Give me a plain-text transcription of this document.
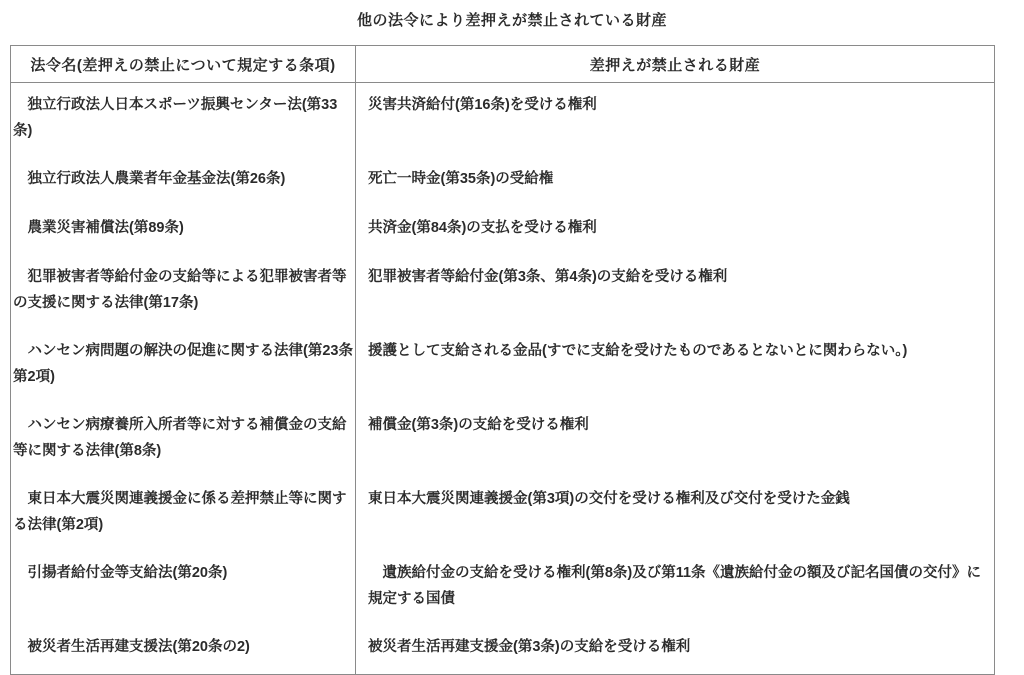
他の法令により差押えが禁止されている財産
法令名(差押えの禁止について規定する条項)	差押えが禁止される財産
　独立行政法人日本スポーツ振興センター法(第33条)	災害共済給付(第16条)を受ける権利
　独立行政法人農業者年金基金法(第26条)	死亡一時金(第35条)の受給権
　農業災害補償法(第89条)	共済金(第84条)の支払を受ける権利
　犯罪被害者等給付金の支給等による犯罪被害者等の支援に関する法律(第17条)	犯罪被害者等給付金(第3条、第4条)の支給を受ける権利
　ハンセン病問題の解決の促進に関する法律(第23条第2項)	援護として支給される金品(すでに支給を受けたものであるとないとに関わらない。)
　ハンセン病療養所入所者等に対する補償金の支給等に関する法律(第8条)	補償金(第3条)の支給を受ける権利
　東日本大震災関連義援金に係る差押禁止等に関する法律(第2項)	東日本大震災関連義援金(第3項)の交付を受ける権利及び交付を受けた金銭
　引揚者給付金等支給法(第20条)	　遺族給付金の支給を受ける権利(第8条)及び第11条《遺族給付金の額及び記名国債の交付》に規定する国債
　被災者生活再建支援法(第20条の2)	被災者生活再建支援金(第3条)の支給を受ける権利
